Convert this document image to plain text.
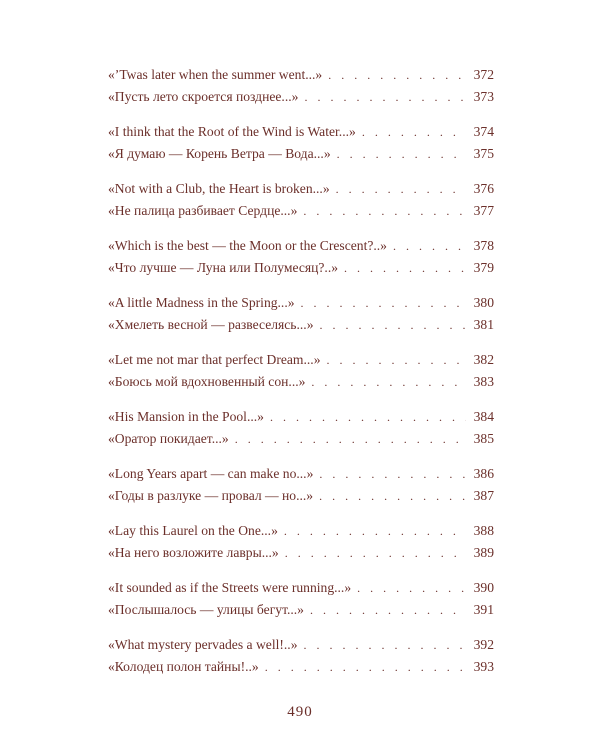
«’Twas later when the summer went...» . . .	372
«Пусть лето скроется позднее...» . . .	373
«I think that the Root of the Wind is Water...» . . .	374
«Я думаю — Корень Ветра — Вода...» . . .	375
«Not with a Club, the Heart is broken...» . . .	376
«Не палица разбивает Сердце...» . . .	377
«Which is the best — the Moon or the Crescent?..» . . .	378
«Что лучше — Луна или Полумесяц?..» . . .	379
«A little Madness in the Spring...» . . .	380
«Хмелеть весной — развеселясь...» . . .	381
«Let me not mar that perfect Dream...» . . .	382
«Боюсь мой вдохновенный сон...» . . .	383
«His Mansion in the Pool...» . . .	384
«Оратор покидает...» . . .	385
«Long Years apart — can make no...» . . .	386
«Годы в разлуке — провал — но...» . . .	387
«Lay this Laurel on the One...» . . .	388
«На него возложите лавры...» . . .	389
«It sounded as if the Streets were running...» . . .	390
«Послышалось — улицы бегут...» . . .	391
«What mystery pervades a well!..» . . .	392
«Колодец полон тайны!..» . . .	393
490
